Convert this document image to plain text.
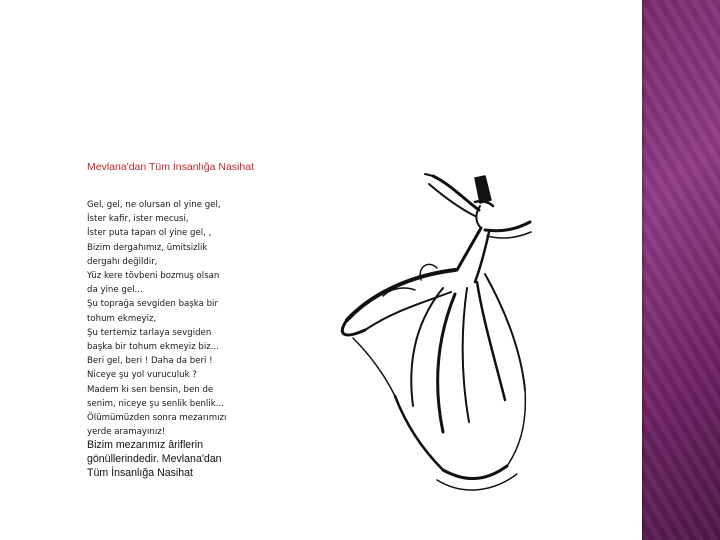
Mevlana'dan Tüm İnsanlığa Nasihat
Gel, gel, ne olursan ol yine gel,
İster kafir, ister mecusi,
İster puta tapan ol yine gel, ,
Bizim dergahımız, ümitsizlik
dergahı değildir,
Yüz kere tövbeni bozmuş olsan
da yine gel...
Şu toprağa sevgiden başka bir
tohum ekmeyiz,
Şu tertemiz tarlaya sevgiden
başka bir tohum ekmeyiz biz...
Beri gel, beri ! Daha da beri !
Niceye şu yol vuruculuk ?
Madem ki sen bensin, ben de
senim, niceye şu senlik benlik...
Ölümümüzden sonra mezarımızı
yerde aramayınız!
Bizim mezarımız âriflerin
gönüllerindedir. Mevlana'dan
Tüm İnsanlığa Nasihat
